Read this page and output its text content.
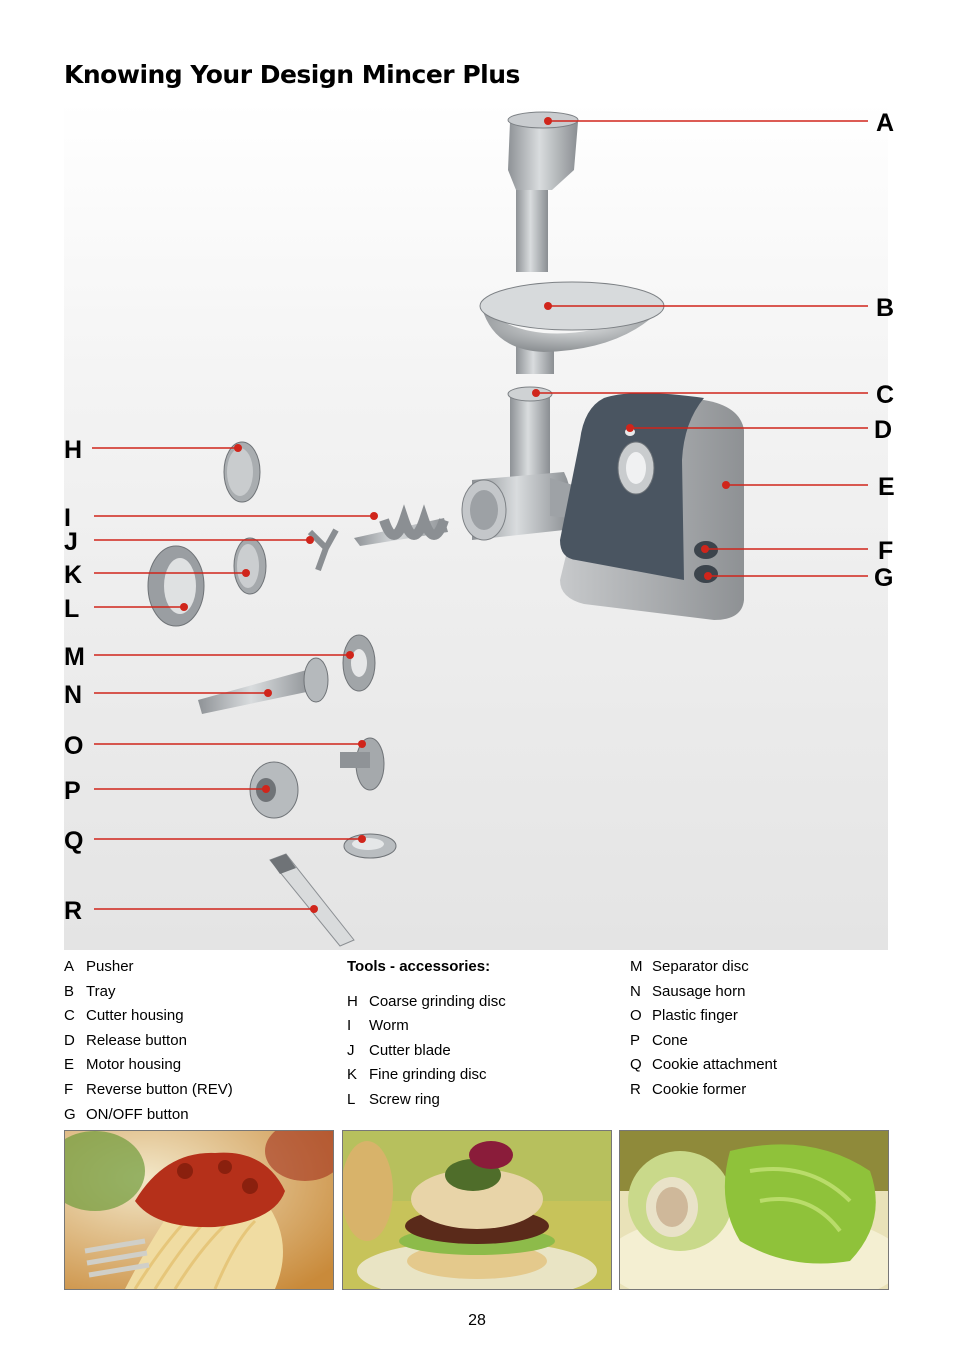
Knowing Your Design Mincer Plus
A
B
C
D
E
F
G
H
I
J
K
L
M
N
O
P
Q
R
A Pusher
B Tray
C Cutter housing
D Release button
E Motor housing
F Reverse button (REV)
G ON/OFF button
Tools - accessories:
H Coarse grinding disc
I	Worm
J Cutter blade
K Fine grinding disc
L Screw ring
M Separator disc
N Sausage horn
O Plastic finger
P Cone
Q Cookie attachment
R Cookie former
28
